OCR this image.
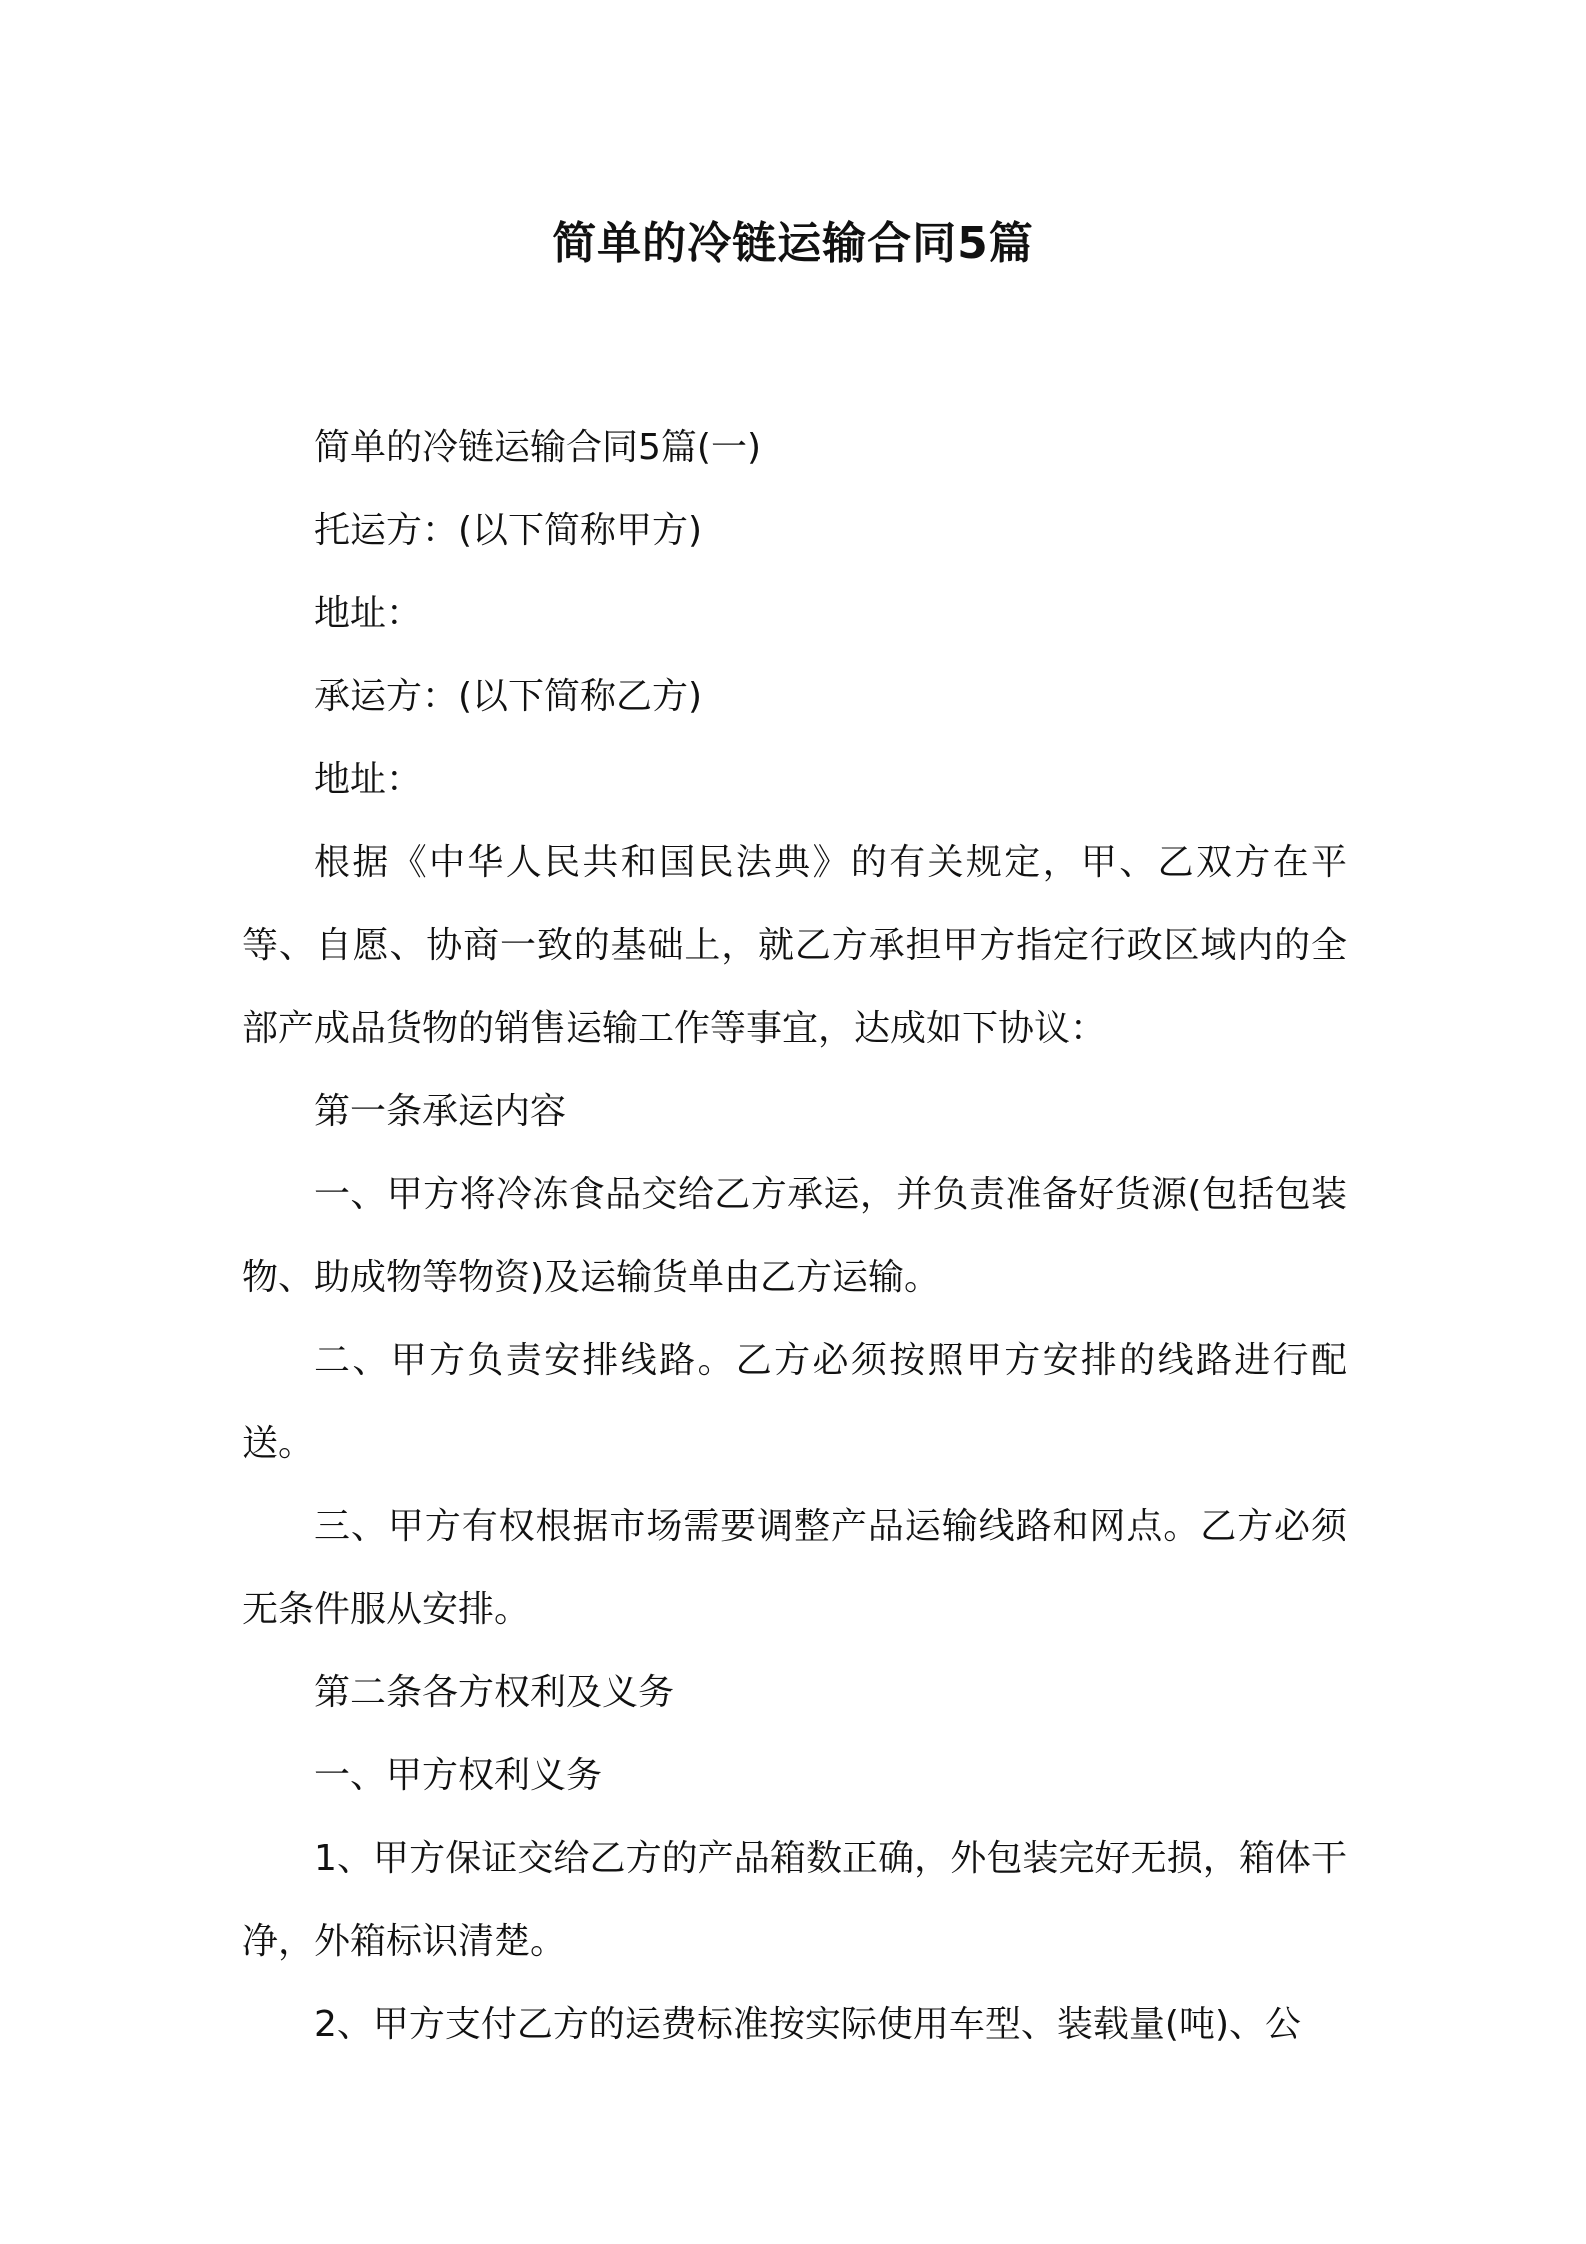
简单的冷链运输合同5篇

简单的冷链运输合同5篇(一)

托运方：(以下简称甲方)

地址：

承运方：(以下简称乙方)

地址：

根据《中华人民共和国民法典》的有关规定，甲、乙双方在平等、自愿、协商一致的基础上，就乙方承担甲方指定行政区域内的全部产成品货物的销售运输工作等事宜，达成如下协议：

第一条承运内容

一、甲方将冷冻食品交给乙方承运，并负责准备好货源(包括包装物、助成物等物资)及运输货单由乙方运输。

二、甲方负责安排线路。乙方必须按照甲方安排的线路进行配送。

三、甲方有权根据市场需要调整产品运输线路和网点。乙方必须无条件服从安排。

第二条各方权利及义务

一、甲方权利义务

1、甲方保证交给乙方的产品箱数正确，外包装完好无损，箱体干净，外箱标识清楚。

2、甲方支付乙方的运费标准按实际使用车型、装载量(吨)、公
